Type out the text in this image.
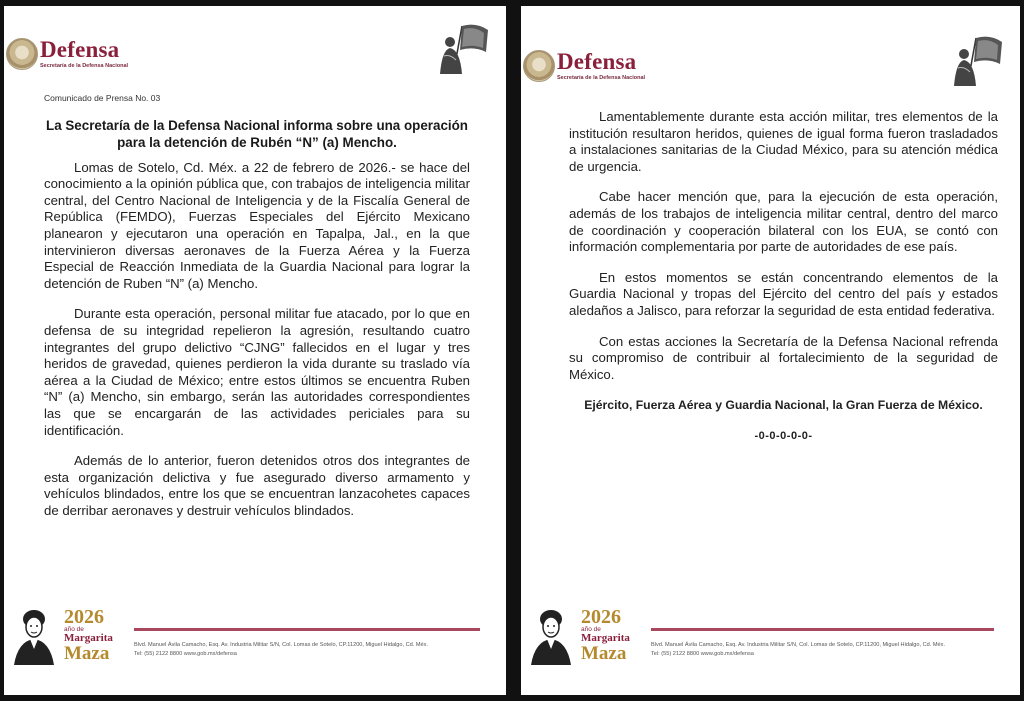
Defensa
Secretaría de la Defensa Nacional
Comunicado de Prensa No. 03

La Secretaría de la Defensa Nacional informa sobre una operación para la detención de Rubén “N” (a) Mencho.

Lomas de Sotelo, Cd. Méx. a 22 de febrero de 2026.- se hace del conocimiento a la opinión pública que, con trabajos de inteligencia militar central, del Centro Nacional de Inteligencia y de la Fiscalía General de República (FEMDO), Fuerzas Especiales del Ejército Mexicano planearon y ejecutaron una operación en Tapalpa, Jal., en la que intervinieron diversas aeronaves de la Fuerza Aérea y la Fuerza Especial de Reacción Inmediata de la Guardia Nacional para lograr la detención de Ruben “N” (a) Mencho.

Durante esta operación, personal militar fue atacado, por lo que en defensa de su integridad repelieron la agresión, resultando cuatro integrantes del grupo delictivo “CJNG” fallecidos en el lugar y tres heridos de gravedad, quienes perdieron la vida durante su traslado vía aérea a la Ciudad de México; entre estos últimos se encuentra Ruben “N” (a) Mencho, sin embargo, serán las autoridades correspondientes las que se encargarán de las actividades periciales para su identificación.

Además de lo anterior, fueron detenidos otros dos integrantes de esta organización delictiva y fue asegurado diverso armamento y vehículos blindados, entre los que se encuentran lanzacohetes capaces de derribar aeronaves y destruir vehículos blindados.

2026
año de
Margarita
Maza	Blvd. Manuel Ávila Camacho, Esq. Av. Industria Militar S/N, Col. Lomas de Sotelo, CP.11200, Miguel Hidalgo, Cd. Méx.
Tel: (55) 2122 8800 www.gob.mx/defensa
Defensa
Secretaría de la Defensa Nacional

Lamentablemente durante esta acción militar, tres elementos de la institución resultaron heridos, quienes de igual forma fueron trasladados a instalaciones sanitarias de la Ciudad México, para su atención médica de urgencia.

Cabe hacer mención que, para la ejecución de esta operación, además de los trabajos de inteligencia militar central, dentro del marco de coordinación y cooperación bilateral con los EUA, se contó con información complementaria por parte de autoridades de ese país.

En estos momentos se están concentrando elementos de la Guardia Nacional y tropas del Ejército del centro del país y estados aledaños a Jalisco, para reforzar la seguridad de esta entidad federativa.

Con estas acciones la Secretaría de la Defensa Nacional refrenda su compromiso de contribuir al fortalecimiento de la seguridad de México.

Ejército, Fuerza Aérea y Guardia Nacional, la Gran Fuerza de México.
-0-0-0-0-0-
2026
año de
Margarita
Maza	Blvd. Manuel Ávila Camacho, Esq. Av. Industria Militar S/N, Col. Lomas de Sotelo, CP.11200, Miguel Hidalgo, Cd. Méx.
Tel: (55) 2122 8800 www.gob.mx/defensa
